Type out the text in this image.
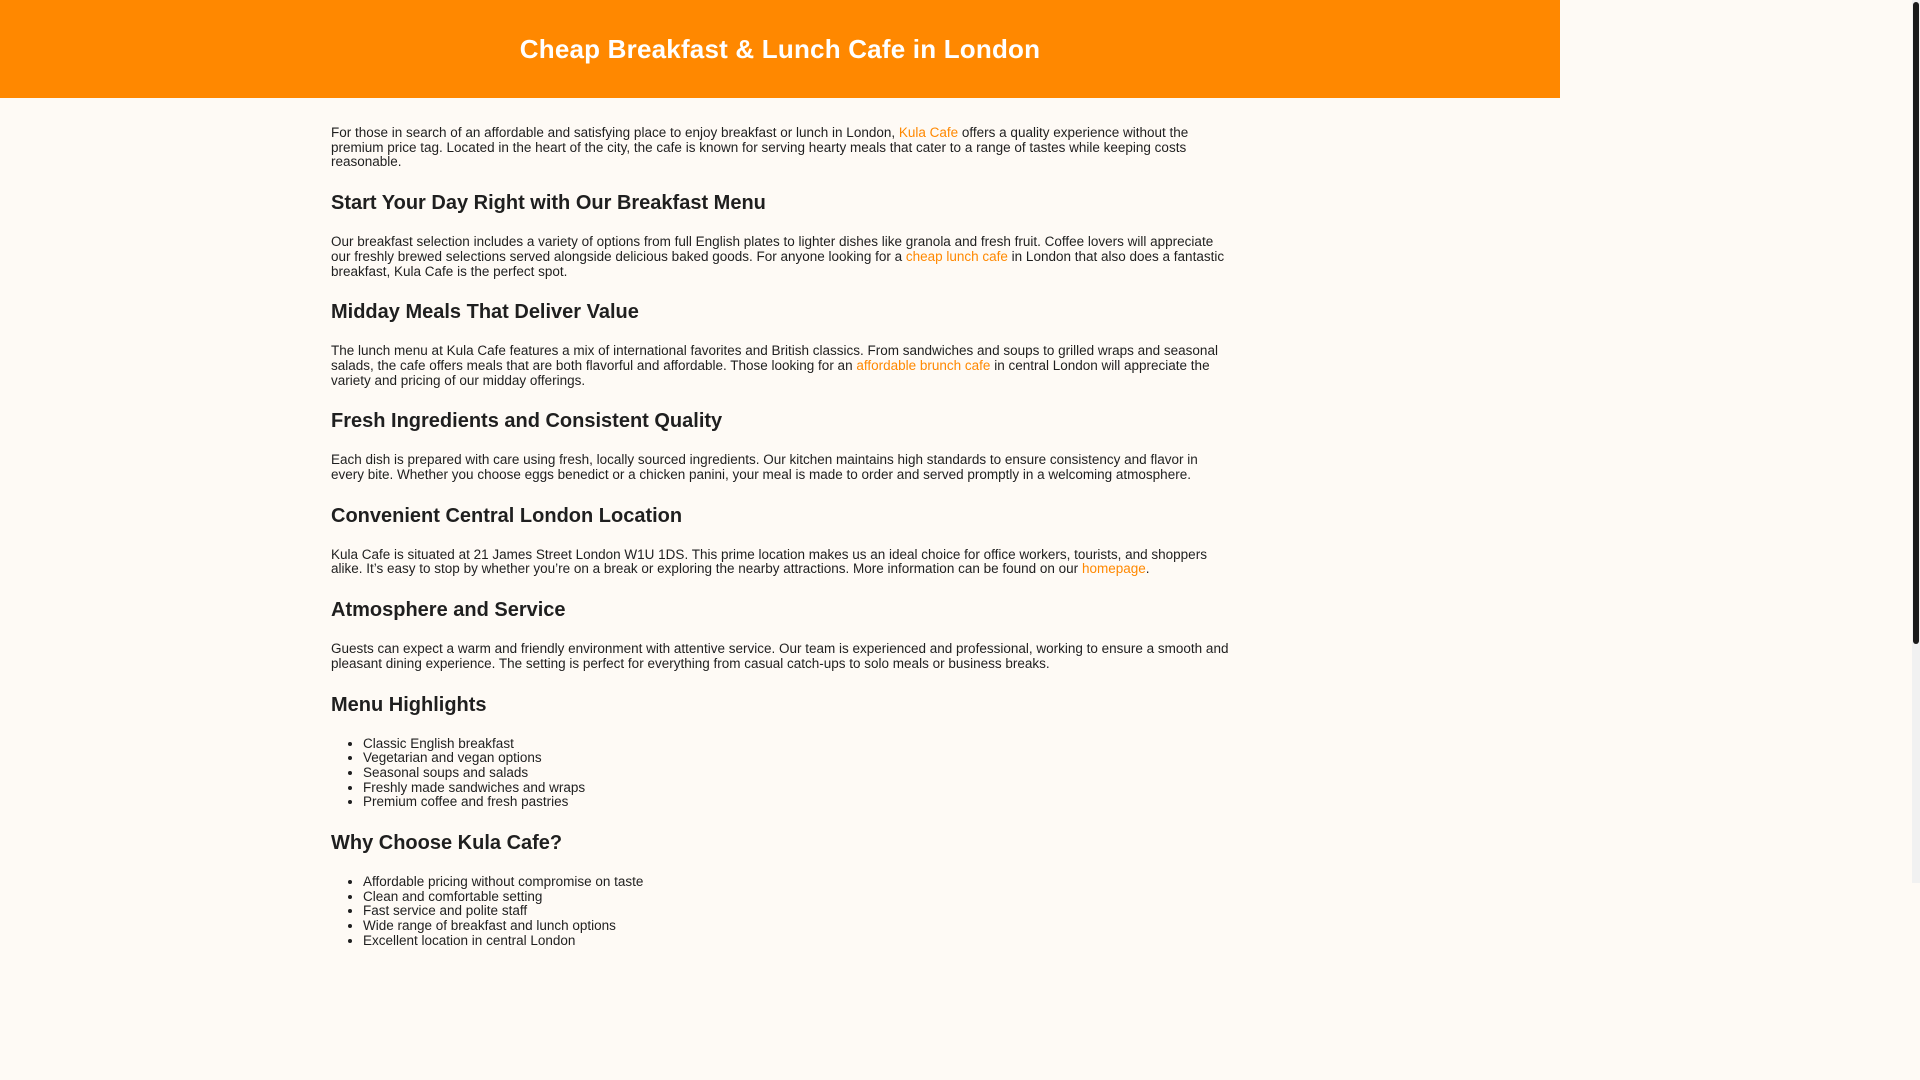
Cheap Breakfast & Lunch Cafe in London

For those in search of an affordable and satisfying place to enjoy breakfast or lunch in London, Kula Cafe offers a quality experience without the premium price tag. Located in the heart of the city, the cafe is known for serving hearty meals that cater to a range of tastes while keeping costs reasonable.

Start Your Day Right with Our Breakfast Menu

Our breakfast selection includes a variety of options from full English plates to lighter dishes like granola and fresh fruit. Coffee lovers will appreciate our freshly brewed selections served alongside delicious baked goods. For anyone looking for a cheap lunch cafe in London that also does a fantastic breakfast, Kula Cafe is the perfect spot.

Midday Meals That Deliver Value

The lunch menu at Kula Cafe features a mix of international favorites and British classics. From sandwiches and soups to grilled wraps and seasonal salads, the cafe offers meals that are both flavorful and affordable. Those looking for an affordable brunch cafe in central London will appreciate the variety and pricing of our midday offerings.

Fresh Ingredients and Consistent Quality

Each dish is prepared with care using fresh, locally sourced ingredients. Our kitchen maintains high standards to ensure consistency and flavor in every bite. Whether you choose eggs benedict or a chicken panini, your meal is made to order and served promptly in a welcoming atmosphere.

Convenient Central London Location

Kula Cafe is situated at 21 James Street London W1U 1DS. This prime location makes us an ideal choice for office workers, tourists, and shoppers alike. It’s easy to stop by whether you’re on a break or exploring the nearby attractions. More information can be found on our homepage.

Atmosphere and Service

Guests can expect a warm and friendly environment with attentive service. Our team is experienced and professional, working to ensure a smooth and pleasant dining experience. The setting is perfect for everything from casual catch-ups to solo meals or business breaks.

Menu Highlights
• Classic English breakfast
• Vegetarian and vegan options
• Seasonal soups and salads
• Freshly made sandwiches and wraps
• Premium coffee and fresh pastries
Why Choose Kula Cafe?
• Affordable pricing without compromise on taste
• Clean and comfortable setting
• Fast service and polite staff
• Wide range of breakfast and lunch options
• Excellent location in central London
